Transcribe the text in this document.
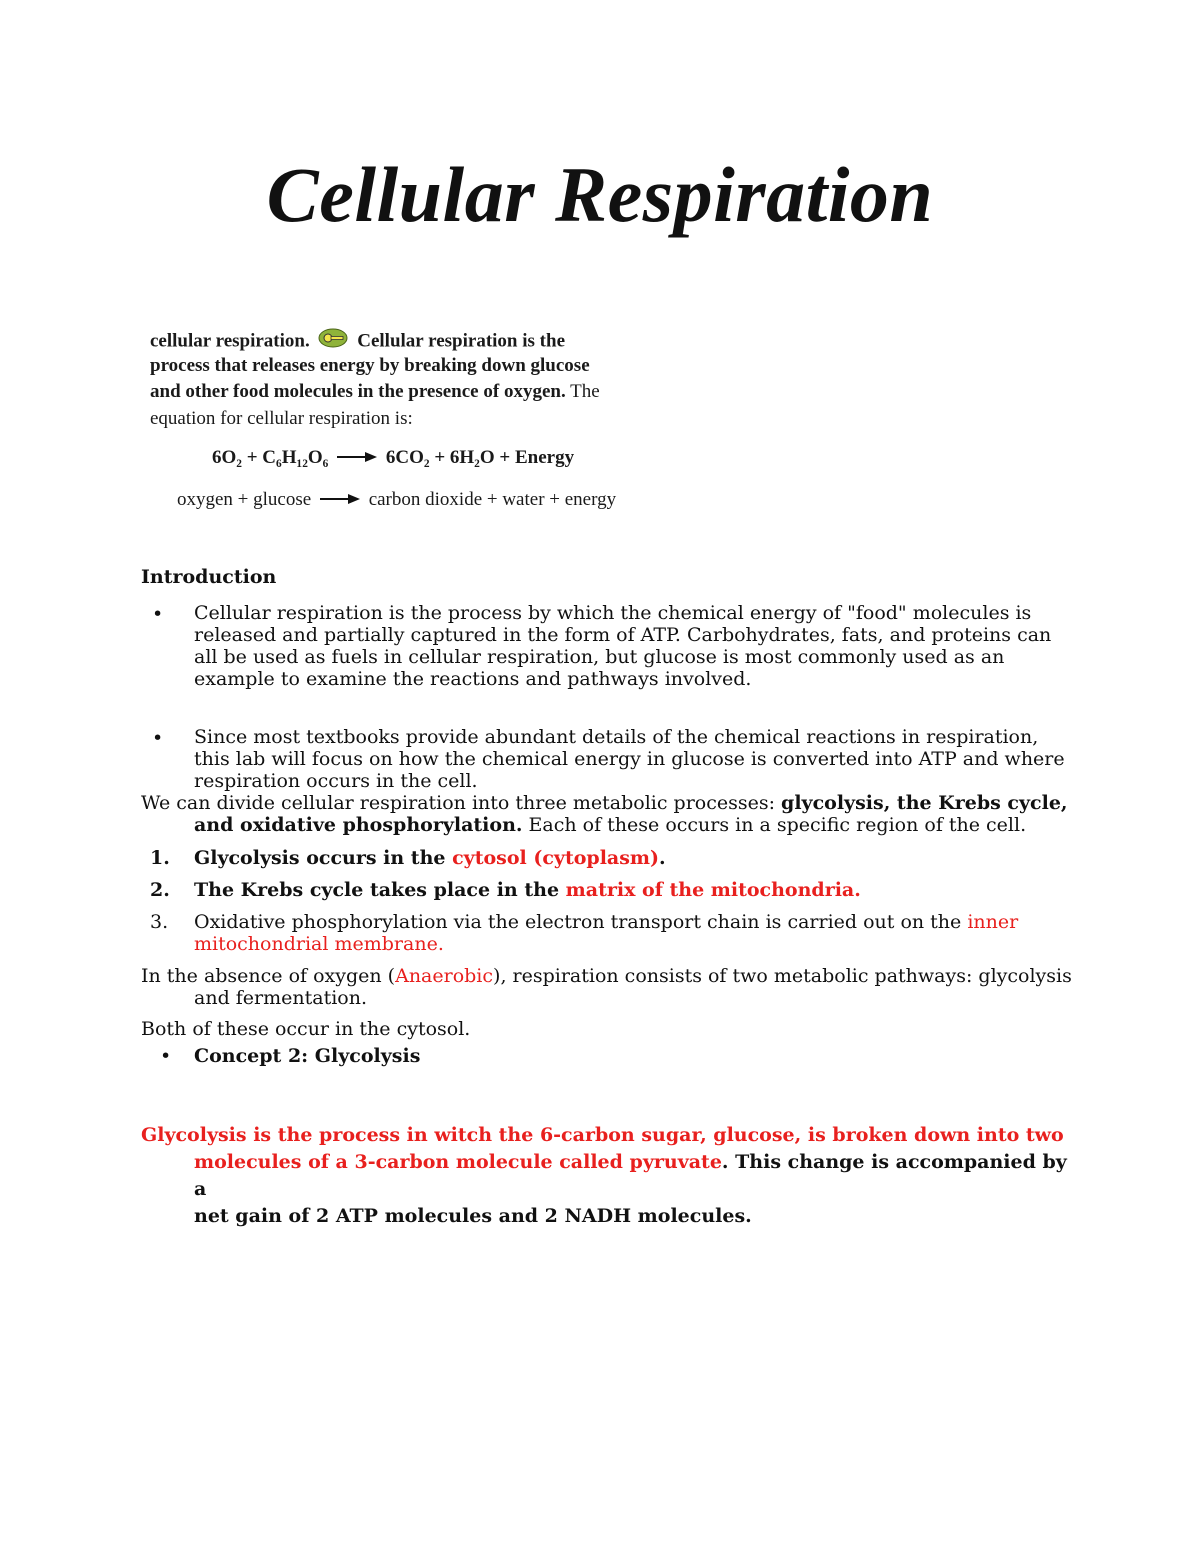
Cellular Respiration
cellular respiration.	Cellular respiration is the
process that releases energy by breaking down glucose
and other food molecules in the presence of oxygen. The
equation for cellular respiration is:
6O₂ + C₆H₁₂O₆	6CO₂ + 6H₂O + Energy
oxygen + glucose	carbon dioxide + water + energy
Introduction
• Cellular respiration is the process by which the chemical energy of "food" molecules is released and partially captured in the form of ATP. Carbohydrates, fats, and proteins can all be used as fuels in cellular respiration, but glucose is most commonly used as an example to examine the reactions and pathways involved.
• Since most textbooks provide abundant details of the chemical reactions in respiration, this lab will focus on how the chemical energy in glucose is converted into ATP and where respiration occurs in the cell.
We can divide cellular respiration into three metabolic processes: glycolysis, the Krebs cycle,
and oxidative phosphorylation. Each of these occurs in a specific region of the cell.
1. Glycolysis occurs in the cytosol (cytoplasm).
2. The Krebs cycle takes place in the matrix of the mitochondria.
3. Oxidative phosphorylation via the electron transport chain is carried out on the inner
mitochondrial membrane.
In the absence of oxygen (Anaerobic), respiration consists of two metabolic pathways: glycolysis
and fermentation.
Both of these occur in the cytosol.
• Concept 2: Glycolysis
Glycolysis is the process in witch the 6-carbon sugar, glucose, is broken down into two
molecules of a 3-carbon molecule called pyruvate. This change is accompanied by a
net gain of 2 ATP molecules and 2 NADH molecules.
